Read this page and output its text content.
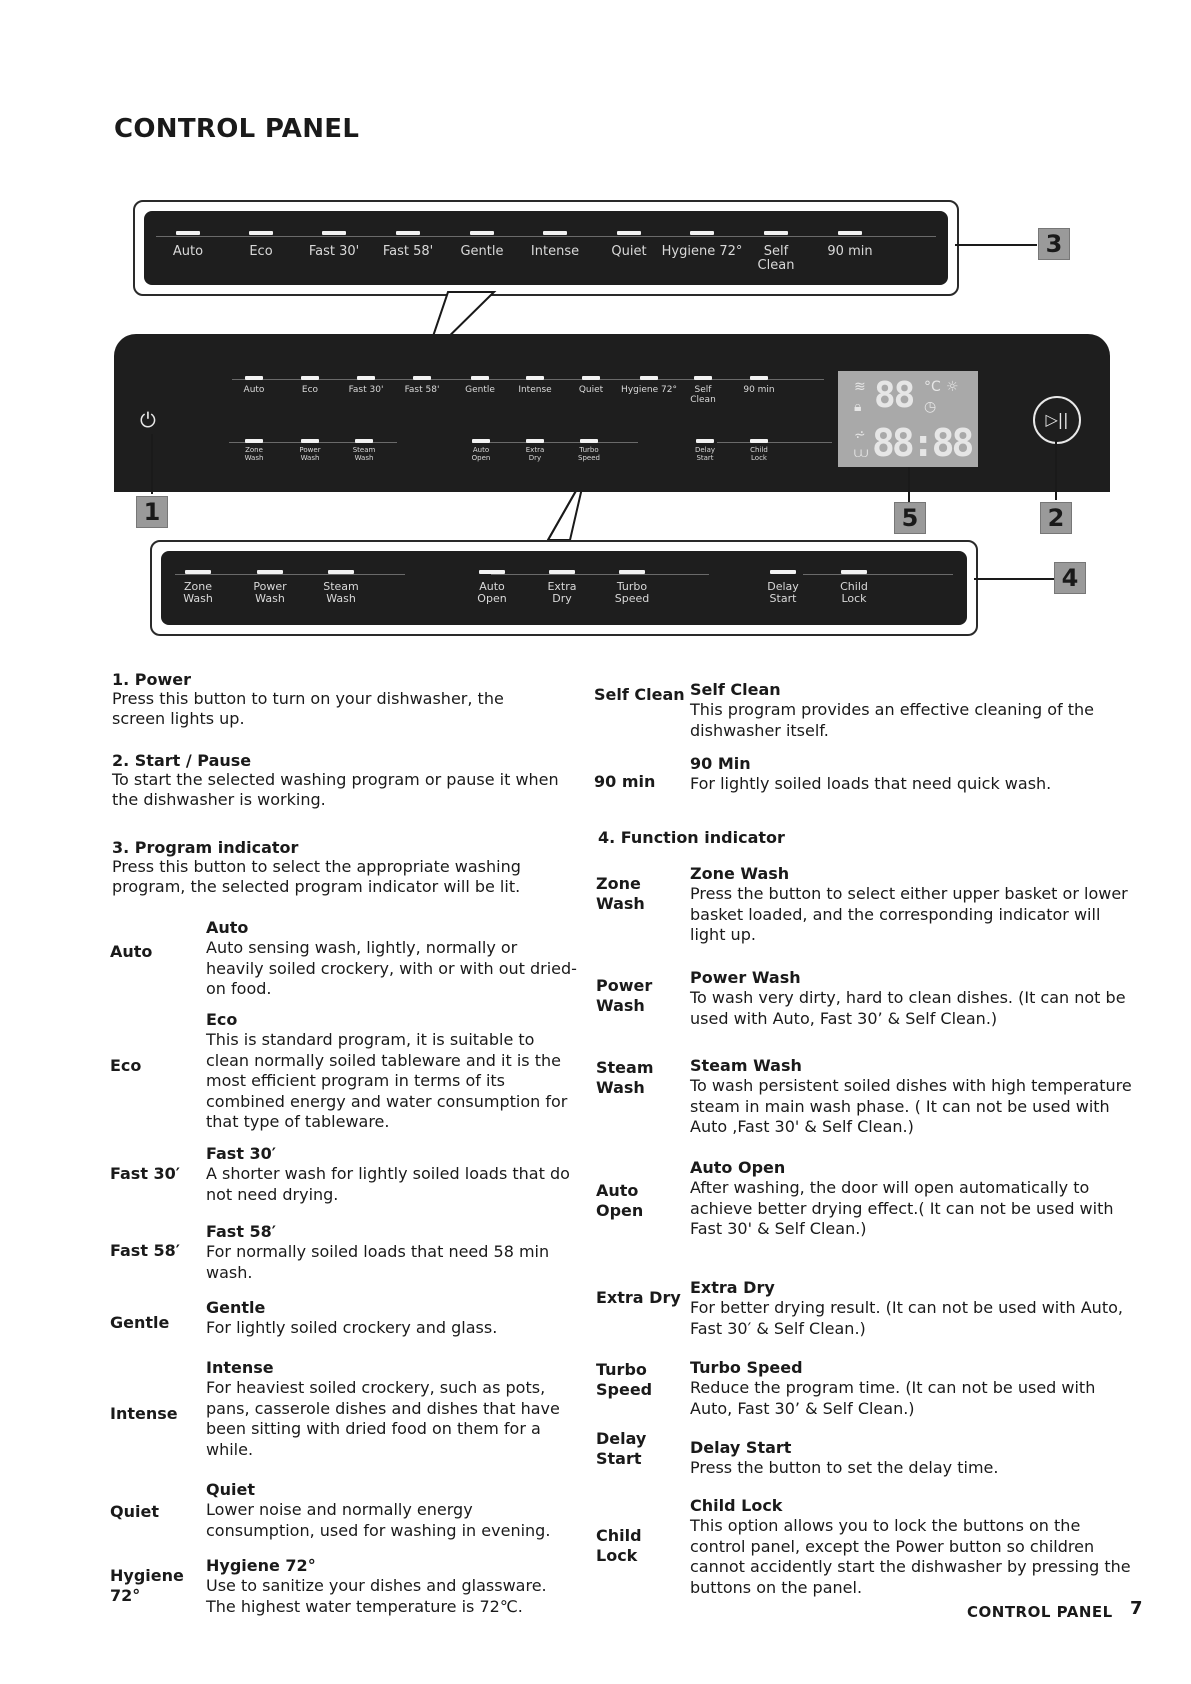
CONTROL PANEL
Auto	Eco	Fast 30' Fast 58' Gentle Intense Quiet Hygiene 72°	Self
Clean
90 min
Auto	Eco	Fast 30' Fast 58'	Gentle	Intense	Quiet Hygiene 72°	Self
Clean
90 min
Zone
Wash
Power
Wash
Steam
Wash
Auto
Open
Extra
Dry
Turbo
Speed
Delay
Start
Child
Lock
⏻	▷||
≋
🔒︎ 88 °C ☼
◷
⩫
⩊ 88:88
Zone
Wash
Power
Wash
Steam
Wash
Auto
Open
Extra
Dry
Turbo
Speed
Delay
Start
Child
Lock
3
1	2
5
4
1. Power
Press this button to turn on your dishwasher, the screen lights up.
2. Start / Pause
To start the selected washing program or pause it when the dishwasher is working.
3. Program indicator
Press this button to select the appropriate washing program, the selected program indicator will be lit.
Auto
Auto
Auto sensing wash, lightly, normally or heavily soiled crockery, with or with out dried-on food.
Eco
Eco
This is standard program, it is suitable to clean normally soiled tableware and it is the most efficient program in terms of its combined energy and water consumption for that type of tableware.
Fast 30′
Fast 30′
A shorter wash for lightly soiled loads that do not need drying.
Fast 58′
Fast 58′
For normally soiled loads that need 58 min wash.
Gentle
Gentle
For lightly soiled crockery and glass.
Intense
Intense
For heaviest soiled crockery, such as pots, pans, casserole dishes and dishes that have been sitting with dried food on them for a while.
Quiet
Quiet
Lower noise and normally energy consumption, used for washing in evening.
Hygiene 72°
Hygiene 72°
Use to sanitize your dishes and glassware. The highest water temperature is 72℃.
Self Clean Self Clean
This program provides an effective cleaning of the dishwasher itself.
90 min
90 Min
For lightly soiled loads that need quick wash.
4. Function indicator
Zone Wash
Zone Wash
Press the button to select either upper basket or lower basket loaded, and the corresponding indicator will light up.
Power Wash
Power Wash
To wash very dirty, hard to clean dishes. (It can not be used with Auto, Fast 30’ & Self Clean.)
Steam Wash
Steam Wash
To wash persistent soiled dishes with high temperature steam in main wash phase. ( It can not be used with Auto ,Fast 30' & Self Clean.)
Auto Open
Auto Open
After washing, the door will open automatically to achieve better drying effect.( It can not be used with Fast 30' & Self Clean.)
Extra Dry
Extra Dry
For better drying result. (It can not be used with Auto, Fast 30′ & Self Clean.)
Turbo Speed
Turbo Speed
Reduce the program time. (It can not be used with Auto, Fast 30’ & Self Clean.)
Delay Start
Delay Start
Press the button to set the delay time.
Child Lock
Child Lock
This option allows you to lock the buttons on the control panel, except the Power button so children cannot accidently start the dishwasher by pressing the buttons on the panel.
CONTROL PANEL 7
